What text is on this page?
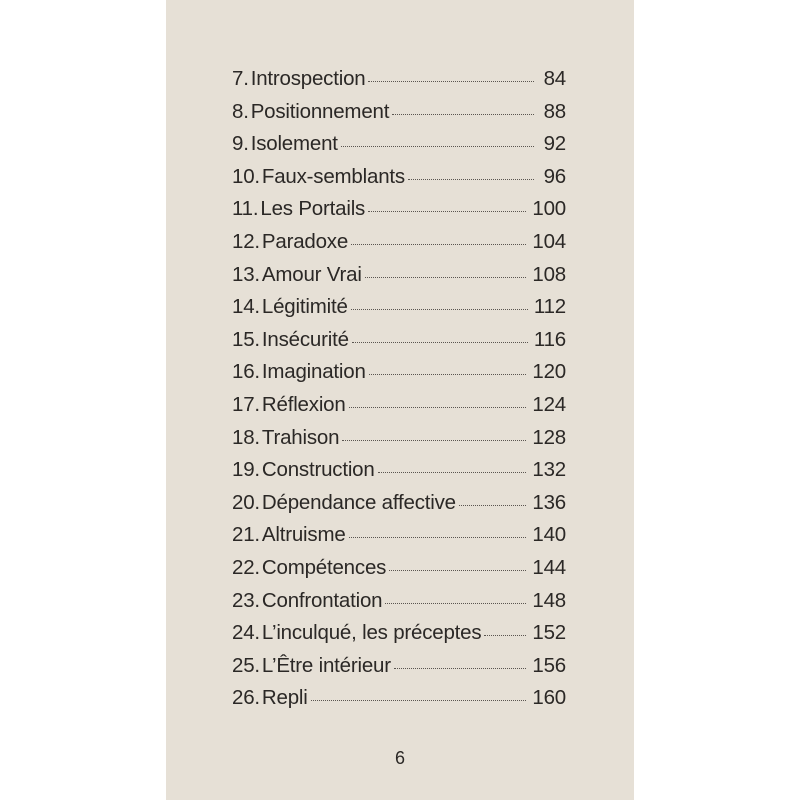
7. Introspection	84
8. Positionnement	88
9. Isolement	92
10. Faux-semblants	96
11. Les Portails	100
12. Paradoxe	104
13. Amour Vrai	108
14. Légitimité	112
15. Insécurité	116
16. Imagination	120
17. Réflexion	124
18. Trahison	128
19. Construction	132
20. Dépendance affective	136
21. Altruisme	140
22. Compétences	144
23. Confrontation	148
24. L’inculqué, les préceptes 152
25. L’Être intérieur	156
26. Repli	160
6
